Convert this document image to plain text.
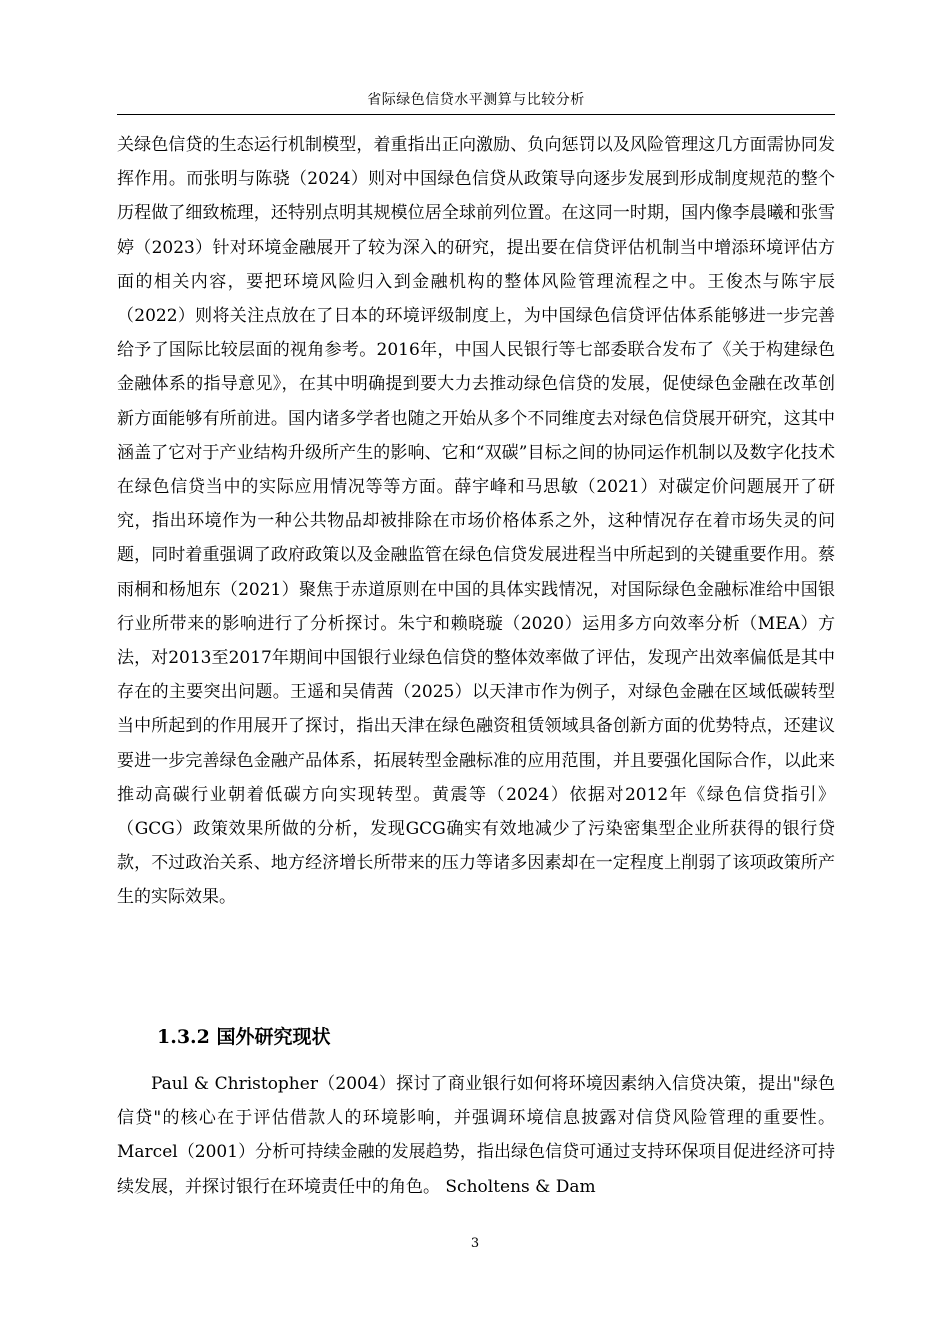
省际绿色信贷水平测算与比较分析

关绿色信贷的生态运行机制模型，着重指出正向激励、负向惩罚以及风险管理这几方面需协同发挥作用。而张明与陈骁（2024）则对中国绿色信贷从政策导向逐步发展到形成制度规范的整个历程做了细致梳理，还特别点明其规模位居全球前列位置。在这同一时期，国内像李晨曦和张雪婷（2023）针对环境金融展开了较为深入的研究，提出要在信贷评估机制当中增添环境评估方面的相关内容，要把环境风险归入到金融机构的整体风险管理流程之中。王俊杰与陈宇辰（2022）则将关注点放在了日本的环境评级制度上，为中国绿色信贷评估体系能够进一步完善给予了国际比较层面的视角参考。2016年，中国人民银行等七部委联合发布了《关于构建绿色金融体系的指导意见》，在其中明确提到要大力去推动绿色信贷的发展，促使绿色金融在改革创新方面能够有所前进。国内诸多学者也随之开始从多个不同维度去对绿色信贷展开研究，这其中涵盖了它对于产业结构升级所产生的影响、它和“双碳”目标之间的协同运作机制以及数字化技术在绿色信贷当中的实际应用情况等等方面。薛宇峰和马思敏（2021）对碳定价问题展开了研究，指出环境作为一种公共物品却被排除在市场价格体系之外，这种情况存在着市场失灵的问题，同时着重强调了政府政策以及金融监管在绿色信贷发展进程当中所起到的关键重要作用。蔡雨桐和杨旭东（2021）聚焦于赤道原则在中国的具体实践情况，对国际绿色金融标准给中国银行业所带来的影响进行了分析探讨。朱宁和赖晓璇（2020）运用多方向效率分析（MEA）方法，对2013至2017年期间中国银行业绿色信贷的整体效率做了评估，发现产出效率偏低是其中存在的主要突出问题。王遥和吴倩茜（2025）以天津市作为例子，对绿色金融在区域低碳转型当中所起到的作用展开了探讨，指出天津在绿色融资租赁领域具备创新方面的优势特点，还建议要进一步完善绿色金融产品体系，拓展转型金融标准的应用范围，并且要强化国际合作，以此来推动高碳行业朝着低碳方向实现转型。黄震等（2024）依据对2012年《绿色信贷指引》（GCG）政策效果所做的分析，发现GCG确实有效地减少了污染密集型企业所获得的银行贷款，不过政治关系、地方经济增长所带来的压力等诸多因素却在一定程度上削弱了该项政策所产生的实际效果。

1.3.2 国外研究现状

Paul & Christopher（2004）探讨了商业银行如何将环境因素纳入信贷决策，提出"绿色信贷"的核心在于评估借款人的环境影响，并强调环境信息披露对信贷风险管理的重要性。Marcel（2001）分析可持续金融的发展趋势，指出绿色信贷可通过支持环保项目促进经济可持续发展，并探讨银行在环境责任中的角色。 Scholtens & Dam

3
